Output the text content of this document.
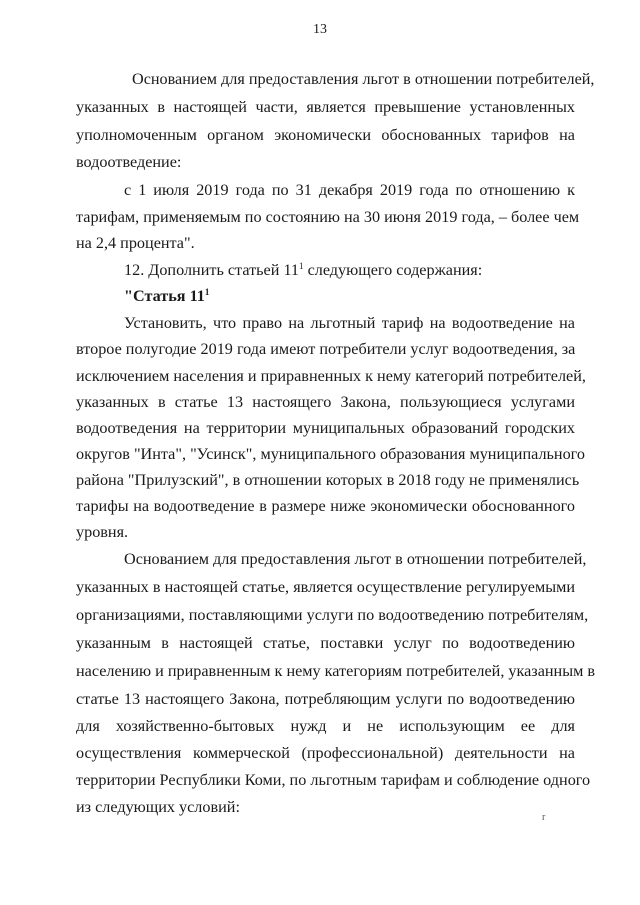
13
Основанием для предоставления льгот в отношении потребителей,
указанных в настоящей части, является превышение установленных
уполномоченным органом экономически обоснованных тарифов на
водоотведение:
с 1 июля 2019 года по 31 декабря 2019 года по отношению к
тарифам, применяемым по состоянию на 30 июня 2019 года, – более чем
на 2,4 процента".
12. Дополнить статьей $11^1$ следующего содержания:
"Статья $11^1$
Установить, что право на льготный тариф на водоотведение на
второе полугодие 2019 года имеют потребители услуг водоотведения, за
исключением населения и приравненных к нему категорий потребителей,
указанных в статье 13 настоящего Закона, пользующиеся услугами
водоотведения на территории муниципальных образований городских
округов "Инта", "Усинск", муниципального образования муниципального
района "Прилузский", в отношении которых в 2018 году не применялись
тарифы на водоотведение в размере ниже экономически обоснованного
уровня.
Основанием для предоставления льгот в отношении потребителей,
указанных в настоящей статье, является осуществление регулируемыми
организациями, поставляющими услуги по водоотведению потребителям,
указанным в настоящей статье, поставки услуг по водоотведению
населению и приравненным к нему категориям потребителей, указанным в
статье 13 настоящего Закона, потребляющим услуги по водоотведению
для хозяйственно-бытовых нужд и не использующим ее для
осуществления коммерческой (профессиональной) деятельности на
территории Республики Коми, по льготным тарифам и соблюдение одного
из следующих условий:
r
